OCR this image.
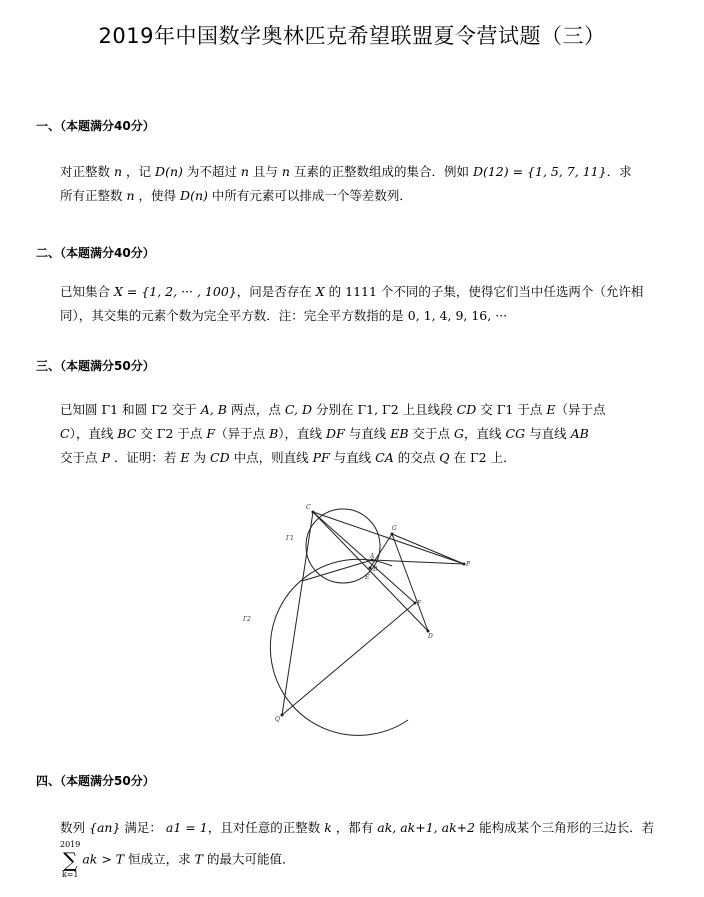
2019年中国数学奥林匹克希望联盟夏令营试题（三）
一、（本题满分40分）
对正整数 n ，记 D(n) 为不超过 n 且与 n 互素的正整数组成的集合．例如 D(12) = {1, 5, 7, 11}．求
所有正整数 n ，使得 D(n) 中所有元素可以排成一个等差数列．
二、（本题满分40分）
已知集合 X = {1, 2, ··· , 100}，问是否存在 X 的 1111 个不同的子集，使得它们当中任选两个（允许相
同），其交集的元素个数为完全平方数．注：完全平方数指的是 0, 1, 4, 9, 16, ···
三、（本题满分50分）
已知圆 Γ1 和圆 Γ2 交于 A, B 两点，点 C, D 分别在 Γ1, Γ2 上且线段 CD 交 Γ1 于点 E（异于点
C），直线 BC 交 Γ2 于点 F（异于点 B），直线 DF 与直线 EB 交于点 G，直线 CG 与直线 AB
交于点 P ．证明：若 E 为 CD 中点，则直线 PF 与直线 CA 的交点 Q 在 Γ2 上．
C
Γ1
G
A
E
B
P
F
D
Γ2
Q
四、（本题满分50分）
数列 {an} 满足： a1 = 1，且对任意的正整数 k ，都有 ak, ak+1, ak+2 能构成某个三角形的三边长．若
2019
∑
k=1
ak > T 恒成立，求 T 的最大可能值．
